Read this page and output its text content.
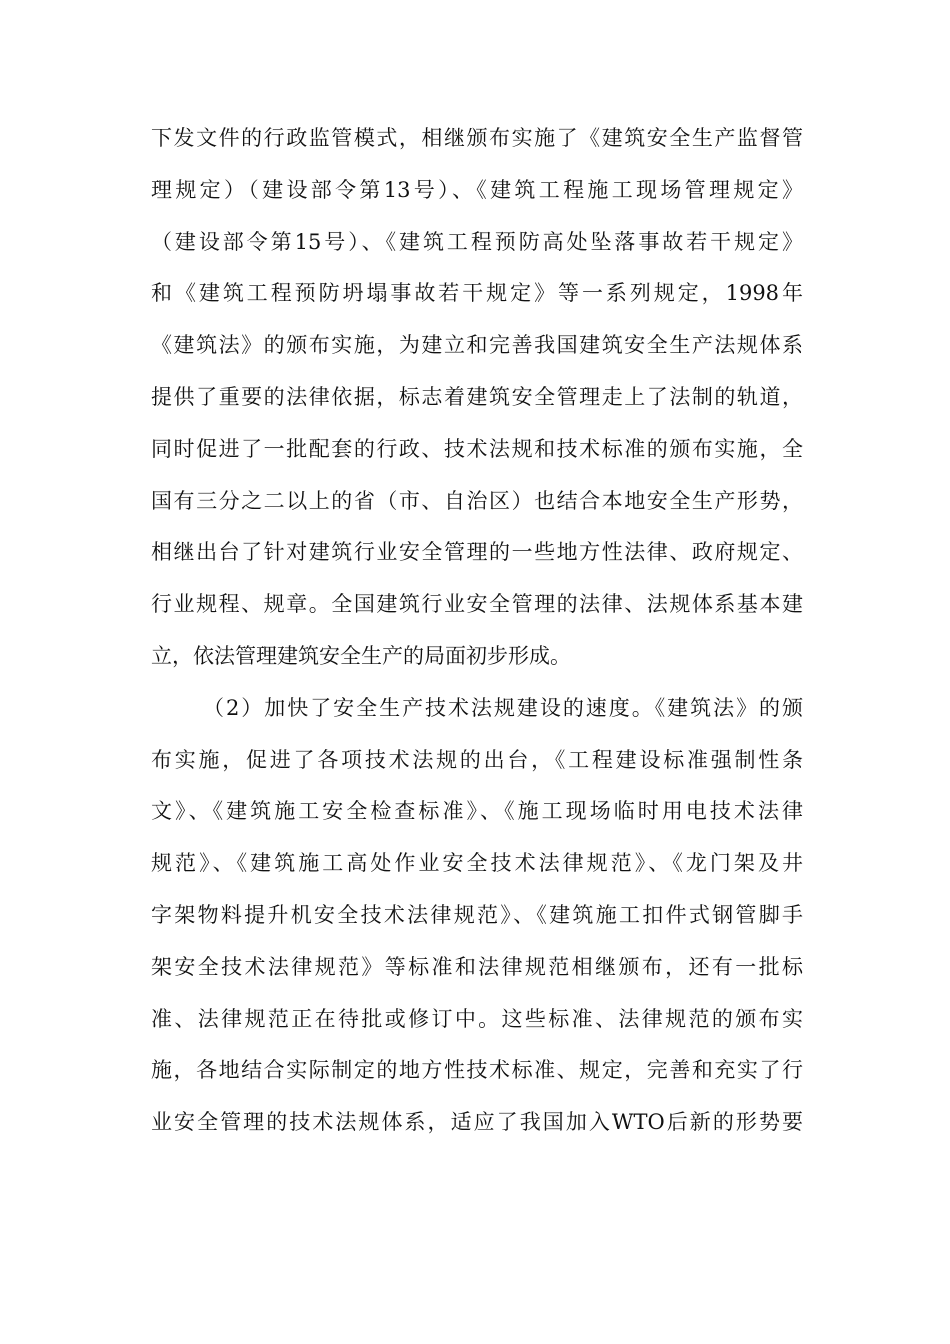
下发文件的行政监管模式，相继颁布实施了《建筑安全生产监督管
理规定）（建设部令第13号）、《建筑工程施工现场管理规定》
（建设部令第15号）、《建筑工程预防高处坠落事故若干规定》
和《建筑工程预防坍塌事故若干规定》等一系列规定，1998年
《建筑法》的颁布实施，为建立和完善我国建筑安全生产法规体系
提供了重要的法律依据，标志着建筑安全管理走上了法制的轨道，
同时促进了一批配套的行政、技术法规和技术标准的颁布实施，全
国有三分之二以上的省（市、自治区）也结合本地安全生产形势，
相继出台了针对建筑行业安全管理的一些地方性法律、政府规定、
行业规程、规章。全国建筑行业安全管理的法律、法规体系基本建
立，依法管理建筑安全生产的局面初步形成。
（2）加快了安全生产技术法规建设的速度。《建筑法》的颁
布实施，促进了各项技术法规的出台，《工程建设标准强制性条
文》、《建筑施工安全检查标准》、《施工现场临时用电技术法律
规范》、《建筑施工高处作业安全技术法律规范》、《龙门架及井
字架物料提升机安全技术法律规范》、《建筑施工扣件式钢管脚手
架安全技术法律规范》等标准和法律规范相继颁布，还有一批标
准、法律规范正在待批或修订中。这些标准、法律规范的颁布实
施，各地结合实际制定的地方性技术标准、规定，完善和充实了行
业安全管理的技术法规体系，适应了我国加入WTO后新的形势要
